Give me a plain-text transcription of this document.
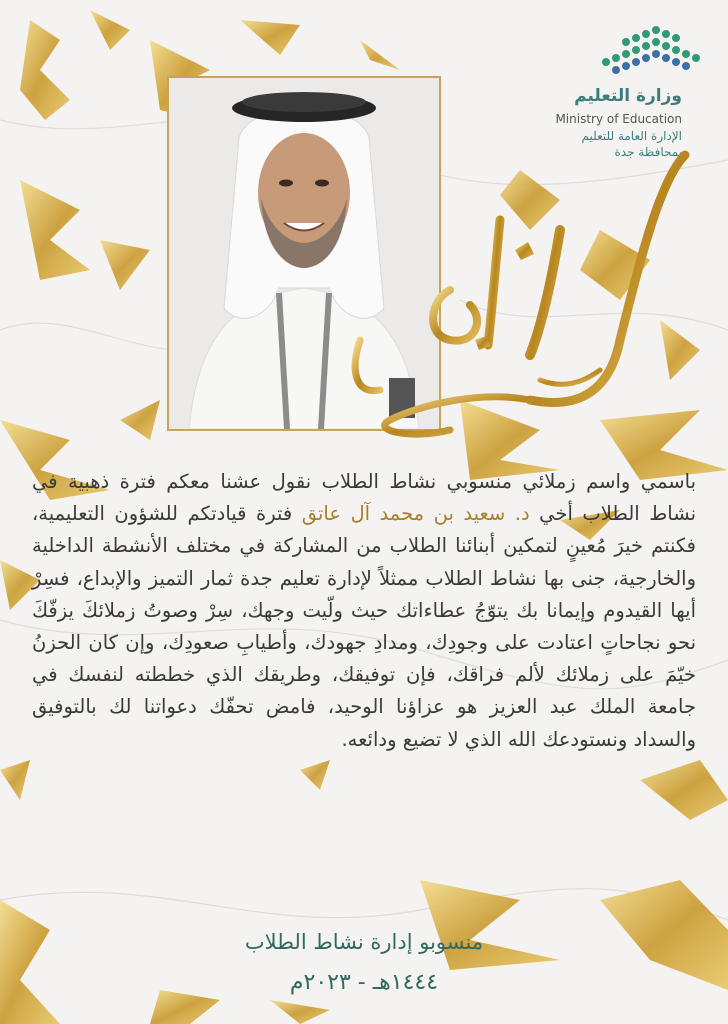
وزارة التعليم
Ministry of Education
الإدارة العامة للتعليم
بمحافظة جدة
باسمي واسم زملائي منسوبي نشاط الطلاب نقول عشنا معكم فترة ذهبية في نشاط الطلاب أخي د. سعيد بن محمد آل عاتق فترة قيادتكم للشؤون التعليمية، فكنتم خيرَ مُعينٍ لتمكين أبنائنا الطلاب من المشاركة في مختلف الأنشطة الداخلية والخارجية، جنى بها نشاط الطلاب ممثلاً لإدارة تعليم جدة ثمار التميز والإبداع، فسِرْ أيها القيدوم وإيمانا بك يتوّجُ عطاءاتك حيث ولّيت وجهك، سِرْ وصوتُ زملائكَ يزفّكَ نحو نجاحاتٍ اعتادت على وجودِك، ومدادِ جهودك، وأطيابِ صعودِك، وإن كان الحزنُ خيّمَ على زملائك لألم فراقك، فإن توفيقك، وطريقك الذي خططته لنفسك في جامعة الملك عبد العزيز هو عزاؤنا الوحيد، فامض تحفّك دعواتنا لك بالتوفيق والسداد ونستودعك الله الذي لا تضيع ودائعه.
منسوبو إدارة نشاط الطلاب
١٤٤٤هـ - ٢٠٢٣م
